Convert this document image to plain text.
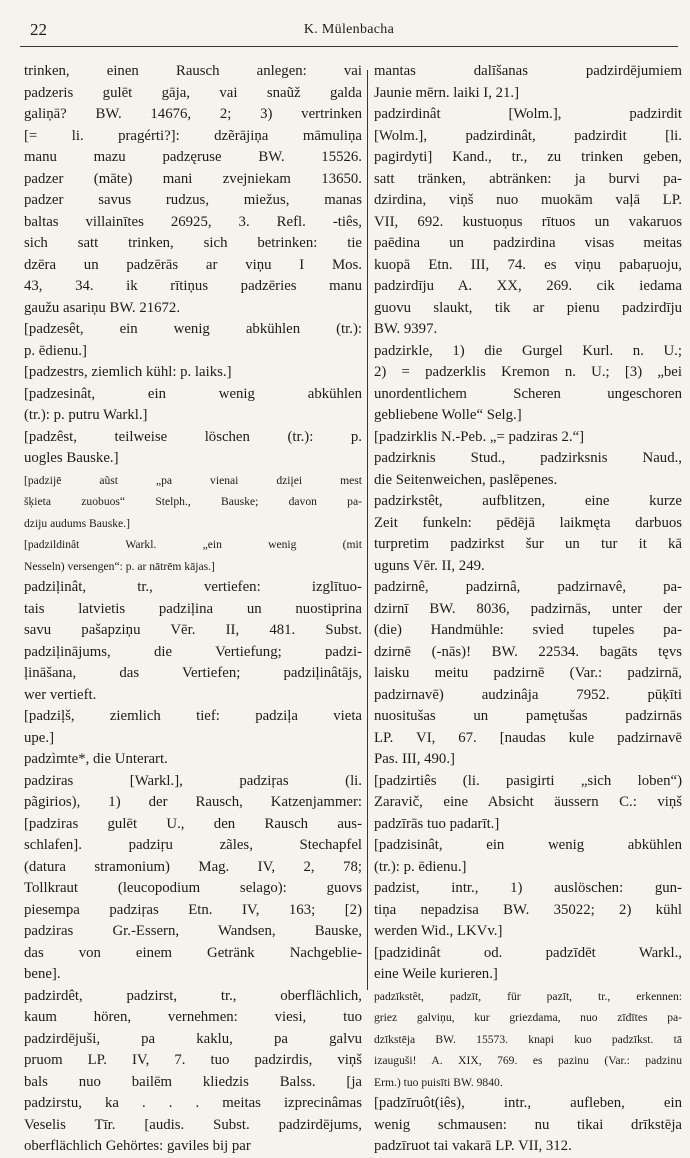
22	K. Mülenbacha
trinken, einen Rausch anlegen: vai
padzeris gulēt gāja, vai snaũž galda
galiņā? BW. 14676, 2; 3) vertrinken
[= li. pragérti?]: dzẽrājiņa māmuliņa
manu mazu padzęruse BW. 15526.
padzer (māte) mani zvejniekam 13650.
padzer savus rudzus, miežus, manas
baltas villainītes 26925, 3. Refl. -tiês,
sich satt trinken, sich betrinken: tie
dzēra un padzērās ar viņu I Mos.
43, 34. ik rītiņus padzēries manu
gaužu asariņu BW. 21672.
[padzesêt, ein wenig abkühlen (tr.):
p. ēdienu.]
[padzestrs, ziemlich kühl: p. laiks.]
[padzesinât, ein wenig abkühlen
(tr.): p. putru Warkl.]
[padzêst, teilweise löschen (tr.): p.
uogles Bauske.]
[padzijē aũst „pa vienai dziįei mest
šķieta zuobuos“ Stelph., Bauske; davon pa-
dziju audums Bauske.]
[padzildinât Warkl. „ein wenig (mit
Nesseln) versengen“: p. ar nātrēm kājas.]
padziļinât, tr., vertiefen: izglītuo-
tais latvietis padziļina un nuostiprina
savu pašapziņu Vēr. II, 481. Subst.
padziļinājums, die Vertiefung; padzi-
ļināšana, das Vertiefen; padziļinâtājs,
wer vertieft.
[padziļš, ziemlich tief: padziļa vieta
upe.]
padzìmte*, die Unterart.
padziras [Warkl.], padziŗas (li.
pãgirios), 1) der Rausch, Katzenjammer:
[padziras gulēt U., den Rausch aus-
schlafen]. padziŗu zãles, Stechapfel
(datura stramonium) Mag. IV, 2, 78;
Tollkraut (leucopodium selago): guovs
piesempa padziŗas Etn. IV, 163; [2)
padziras Gr.-Essern, Wandsen, Bauske,
das von einem Getränk Nachgeblie-
bene].
padzirdêt, padzirst, tr., oberflächlich,
kaum hören, vernehmen: viesi, tuo
padzirdējuši, pa kaklu, pa galvu
pruom LP. IV, 7. tuo padzirdis, viņš
bals nuo bailēm kliedzis Balss. [ja
padzirstu, ka . . . meitas izprecinâmas
Veselis Tīr. [audis. Subst. padzirdējums,
oberflächlich Gehörtes: gaviles bij par
mantas dalīšanas padzirdējumiem
Jaunie mērn. laiki I, 21.]
padzirdinât [Wolm.], padzirdit
[Wolm.], padzirdinât, padzirdit [li.
pagirdyti] Kand., tr., zu trinken geben,
satt tränken, abtränken: ja burvi pa-
dzirdina, viņš nuo muokām vaļā LP.
VII, 692. kustuoņus rītuos un vakaruos
paēdina un padzirdina visas meitas
kuopā Etn. III, 74. es viņu pabaŗuoju,
padzirdīju A. XX, 269. cik iedama
guovu slaukt, tik ar pienu padzirdīju
BW. 9397.
padzirkle, 1) die Gurgel Kurl. n. U.;
2) = padzerklis Kremon n. U.; [3) „bei
unordentlichem Scheren ungeschoren
gebliebene Wolle“ Selg.]
[padzirklis N.-Peb. „= padziras 2.“]
padzirknis Stud., padzirksnis Naud.,
die Seitenweichen, paslēpenes.
padzirkstêt, aufblitzen, eine kurze
Zeit funkeln: pēdējā laikmęta darbuos
turpretim padzirkst šur un tur it kā
uguns Vēr. II, 249.
padzirnê, padzirnâ, padzirnavê, pa-
dzirnī BW. 8036, padzirnās, unter der
(die) Handmühle: svied tupeles pa-
dzirnē (-nās)! BW. 22534. bagāts tęvs
laisku meitu padzirnē (Var.: padzirnā,
padzirnavē) audzinâja 7952. pūķīti
nuositušas un pamętušas padzirnās
LP. VI, 67. [naudas kule padzirnavē
Pas. III, 490.]
[padzirtiês (li. pasigirti „sich loben“)
Zaravič, eine Absicht äussern C.: viņš
padzīrās tuo padarīt.]
[padzisinât, ein wenig abkühlen
(tr.): p. ēdienu.]
padzist, intr., 1) auslöschen: gun-
tiņa nepadzisa BW. 35022; 2) kühl
werden Wid., LKVv.]
[padzidinât od. padzīdēt Warkl.,
eine Weile kurieren.]
padzīkstêt, padzīt, für pazīt, tr., erkennen:
griez galviņu, kur griezdama, nuo zīdītes pa-
dzīkstēja BW. 15573. knapi kuo padzīkst. tā
izauguši! A. XIX, 769. es pazinu (Var.: padzinu
Erm.) tuo puisīti BW. 9840.
[padzīruôt(iês), intr., aufleben, ein
wenig schmausen: nu tikai drīkstēja
padzīruot tai vakarā LP. VII, 312.
